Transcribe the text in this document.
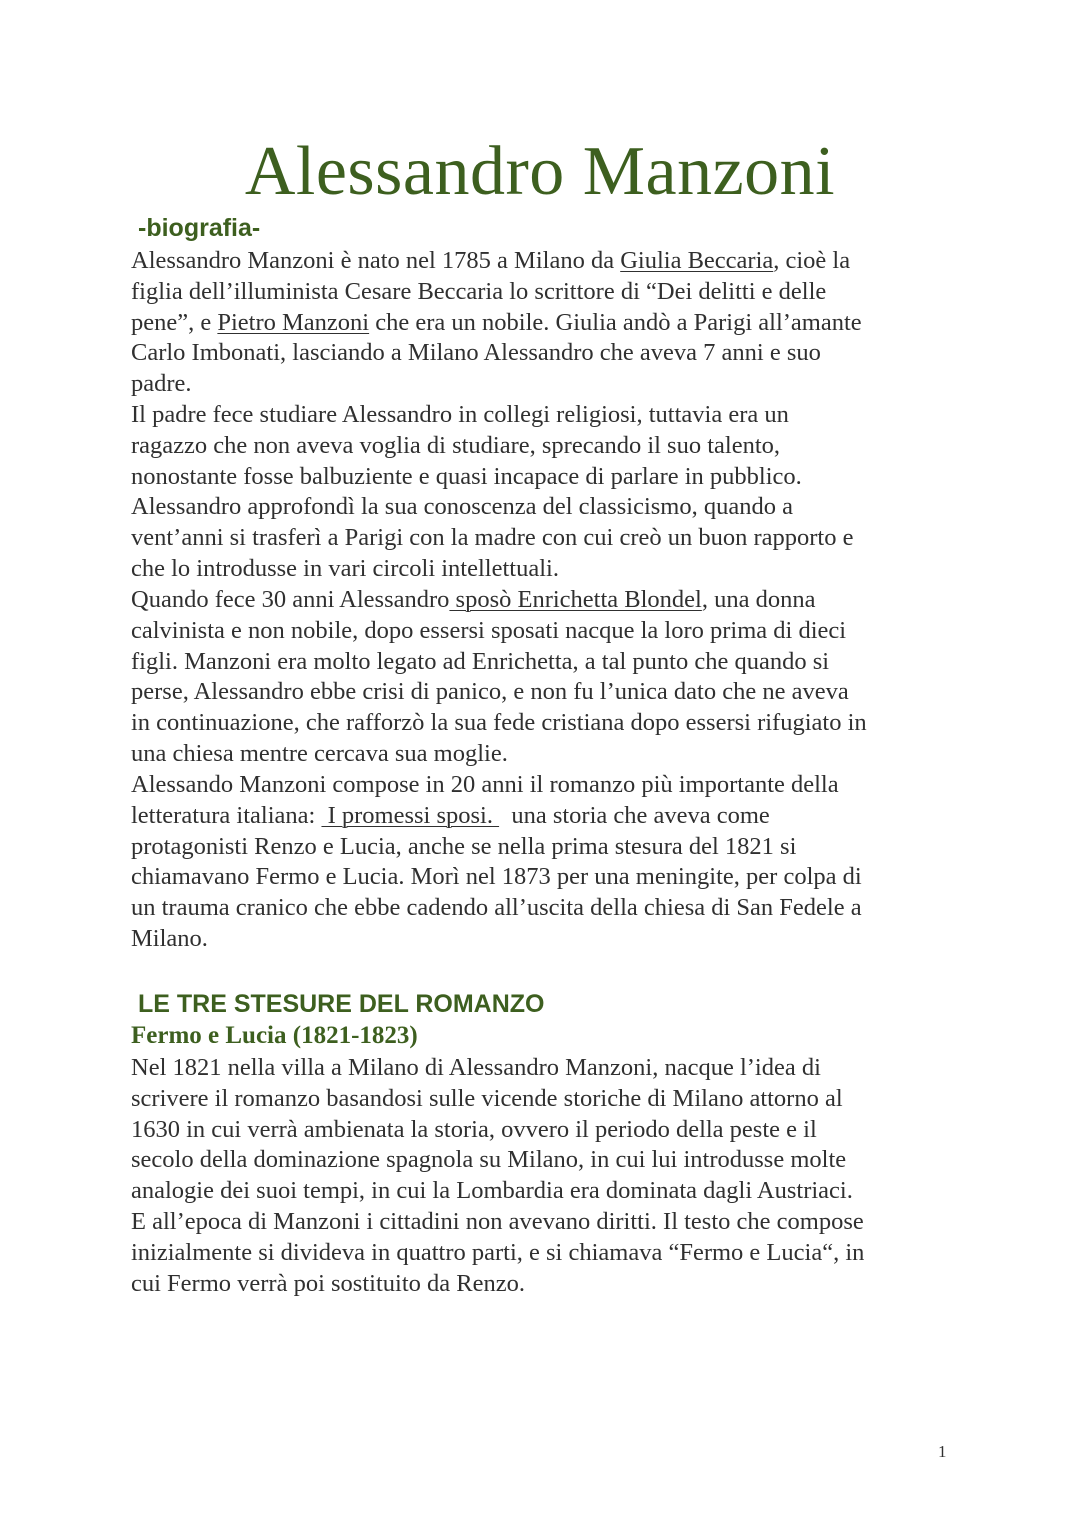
Alessandro Manzoni
-biografia-
Alessandro Manzoni è nato nel 1785 a Milano da Giulia Beccaria, cioè la
figlia dell’illuminista Cesare Beccaria lo scrittore di “Dei delitti e delle
pene”, e Pietro Manzoni che era un nobile. Giulia andò a Parigi all’amante
Carlo Imbonati, lasciando a Milano Alessandro che aveva 7 anni e suo
padre.
Il padre fece studiare Alessandro in collegi religiosi, tuttavia era un
ragazzo che non aveva voglia di studiare, sprecando il suo talento,
nonostante fosse balbuziente e quasi incapace di parlare in pubblico.
Alessandro approfondì la sua conoscenza del classicismo, quando a
vent’anni si trasferì a Parigi con la madre con cui creò un buon rapporto e
che lo introdusse in vari circoli intellettuali.
Quando fece 30 anni Alessandro sposò Enrichetta Blondel, una donna
calvinista e non nobile, dopo essersi sposati nacque la loro prima di dieci
figli. Manzoni era molto legato ad Enrichetta, a tal punto che quando si
perse, Alessandro ebbe crisi di panico, e non fu l’unica dato che ne aveva
in continuazione, che rafforzò la sua fede cristiana dopo essersi rifugiato in
una chiesa mentre cercava sua moglie.
Alessando Manzoni compose in 20 anni il romanzo più importante della
letteratura italiana:  I promessi sposi.   una storia che aveva come
protagonisti Renzo e Lucia, anche se nella prima stesura del 1821 si
chiamavano Fermo e Lucia. Morì nel 1873 per una meningite, per colpa di
un trauma cranico che ebbe cadendo all’uscita della chiesa di San Fedele a
Milano.
LE TRE STESURE DEL ROMANZO
Fermo e Lucia (1821-1823)
Nel 1821 nella villa a Milano di Alessandro Manzoni, nacque l’idea di
scrivere il romanzo basandosi sulle vicende storiche di Milano attorno al
1630 in cui verrà ambienata la storia, ovvero il periodo della peste e il
secolo della dominazione spagnola su Milano, in cui lui introdusse molte
analogie dei suoi tempi, in cui la Lombardia era dominata dagli Austriaci.
E all’epoca di Manzoni i cittadini non avevano diritti. Il testo che compose
inizialmente si divideva in quattro parti, e si chiamava “Fermo e Lucia“, in
cui Fermo verrà poi sostituito da Renzo.
1
